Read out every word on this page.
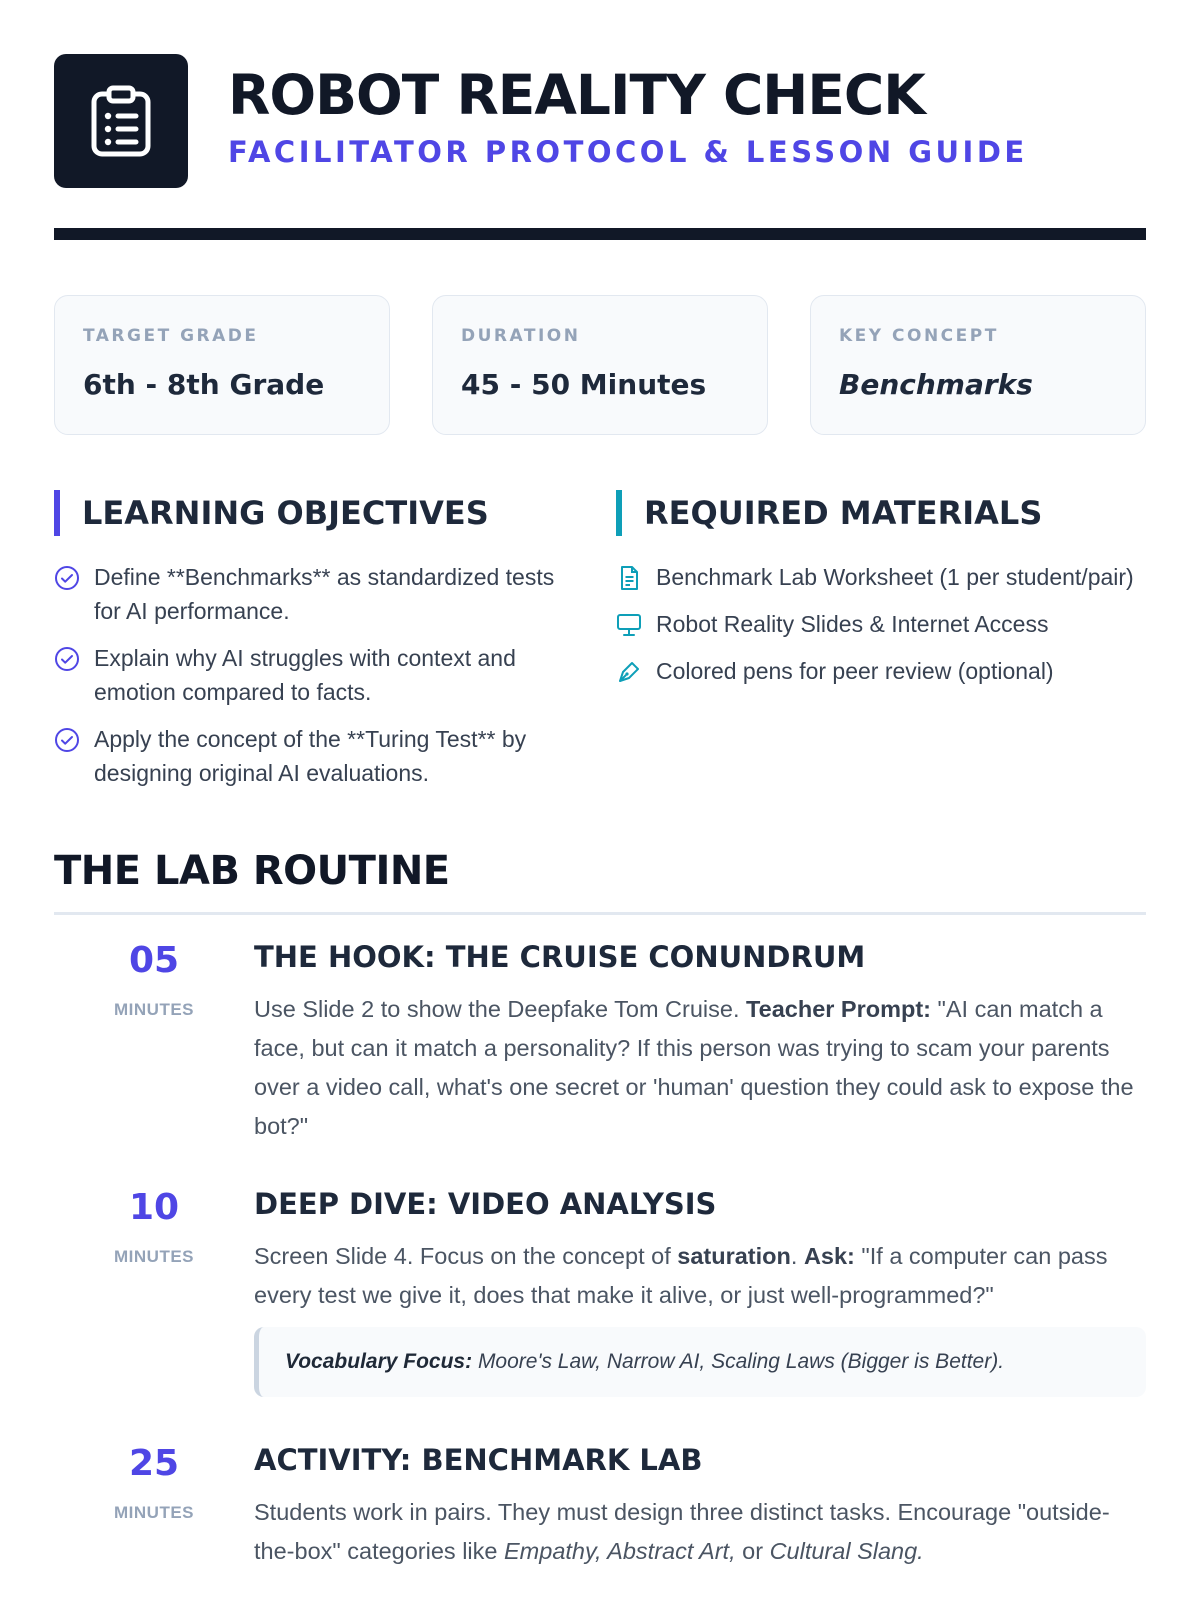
ROBOT REALITY CHECK
FACILITATOR PROTOCOL & LESSON GUIDE
TARGET GRADE
6th - 8th Grade
DURATION
45 - 50 Minutes
KEY CONCEPT
Benchmarks
LEARNING OBJECTIVES
Define **Benchmarks** as standardized tests for AI performance.
Explain why AI struggles with context and emotion compared to facts.
Apply the concept of the **Turing Test** by designing original AI evaluations.
REQUIRED MATERIALS
Benchmark Lab Worksheet (1 per student/pair)
Robot Reality Slides & Internet Access
Colored pens for peer review (optional)
THE LAB ROUTINE
05
MINUTES
THE HOOK: THE CRUISE CONUNDRUM
Use Slide 2 to show the Deepfake Tom Cruise. Teacher Prompt: "AI can match a face, but can it match a personality? If this person was trying to scam your parents over a video call, what's one secret or 'human' question they could ask to expose the bot?"
10
MINUTES
DEEP DIVE: VIDEO ANALYSIS
Screen Slide 4. Focus on the concept of saturation. Ask: "If a computer can pass every test we give it, does that make it alive, or just well-programmed?"
Vocabulary Focus: Moore's Law, Narrow AI, Scaling Laws (Bigger is Better).
25
MINUTES
ACTIVITY: BENCHMARK LAB
Students work in pairs. They must design three distinct tasks. Encourage "outside-the-box" categories like Empathy, Abstract Art, or Cultural Slang.
